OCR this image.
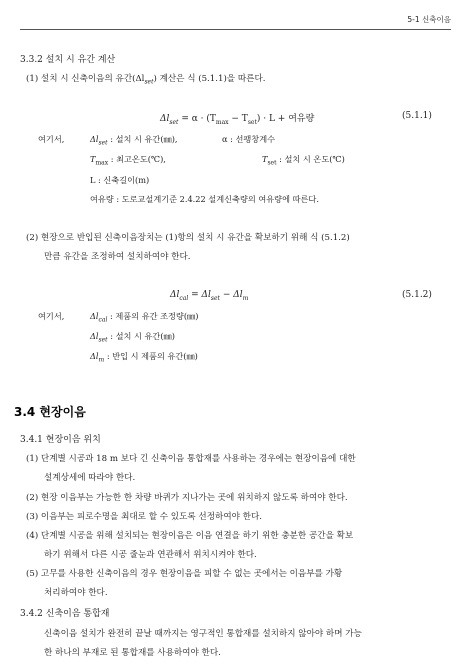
5-1 신축이음
3.3.2 설치 시 유간 계산
(1) 설치 시 신축이음의 유간$(\Delta l_{set})$ 계산은 식 (5.1.1)을 따른다.
$\Delta l_{set} = \alpha \cdot (T_{max} - T_{set}) \cdot L$ + 여유량	(5.1.1)
여기서,	$\Delta l_{set}$ : 설치 시 유간(㎜),	α : 선팽창계수
$T_{max}$ : 최고온도(℃),	$T_{set}$ : 설치 시 온도(℃)
L : 신축길이(m)
여유량 : 도로교설계기준 2.4.22 설계신축량의 여유량에 따른다.
(2) 현장으로 반입된 신축이음장치는 (1)항의 설치 시 유간을 확보하기 위해 식 (5.1.2)
만큼 유간을 조정하여 설치하여야 한다.
$\Delta l_{cal} = \Delta l_{set} - \Delta l_m$	(5.1.2)
여기서,	$\Delta l_{cal}$ : 제품의 유간 조정량(㎜)
$\Delta l_{set}$ : 설치 시 유간(㎜)
$\Delta l_m$ : 반입 시 제품의 유간(㎜)
3.4 현장이음
3.4.1 현장이음 위치
(1) 단계별 시공과 18 m 보다 긴 신축이음 통합재를 사용하는 경우에는 현장이음에 대한
설계상세에 따라야 한다.
(2) 현장 이음부는 가능한 한 차량 바퀴가 지나가는 곳에 위치하지 않도록 하여야 한다.
(3) 이음부는 피로수명을 최대로 할 수 있도록 선정하여야 한다.
(4) 단계별 시공을 위해 설치되는 현장이음은 이음 연결을 하기 위한 충분한 공간을 확보
하기 위해서 다른 시공 줄눈과 연관해서 위치시켜야 한다.
(5) 고무를 사용한 신축이음의 경우 현장이음을 피할 수 없는 곳에서는 이음부를 가황
처리하여야 한다.
3.4.2 신축이음 통합재
신축이음 설치가 완전히 끝날 때까지는 영구적인 통합재를 설치하지 않아야 하며 가능
한 하나의 부재로 된 통합재를 사용하여야 한다.
